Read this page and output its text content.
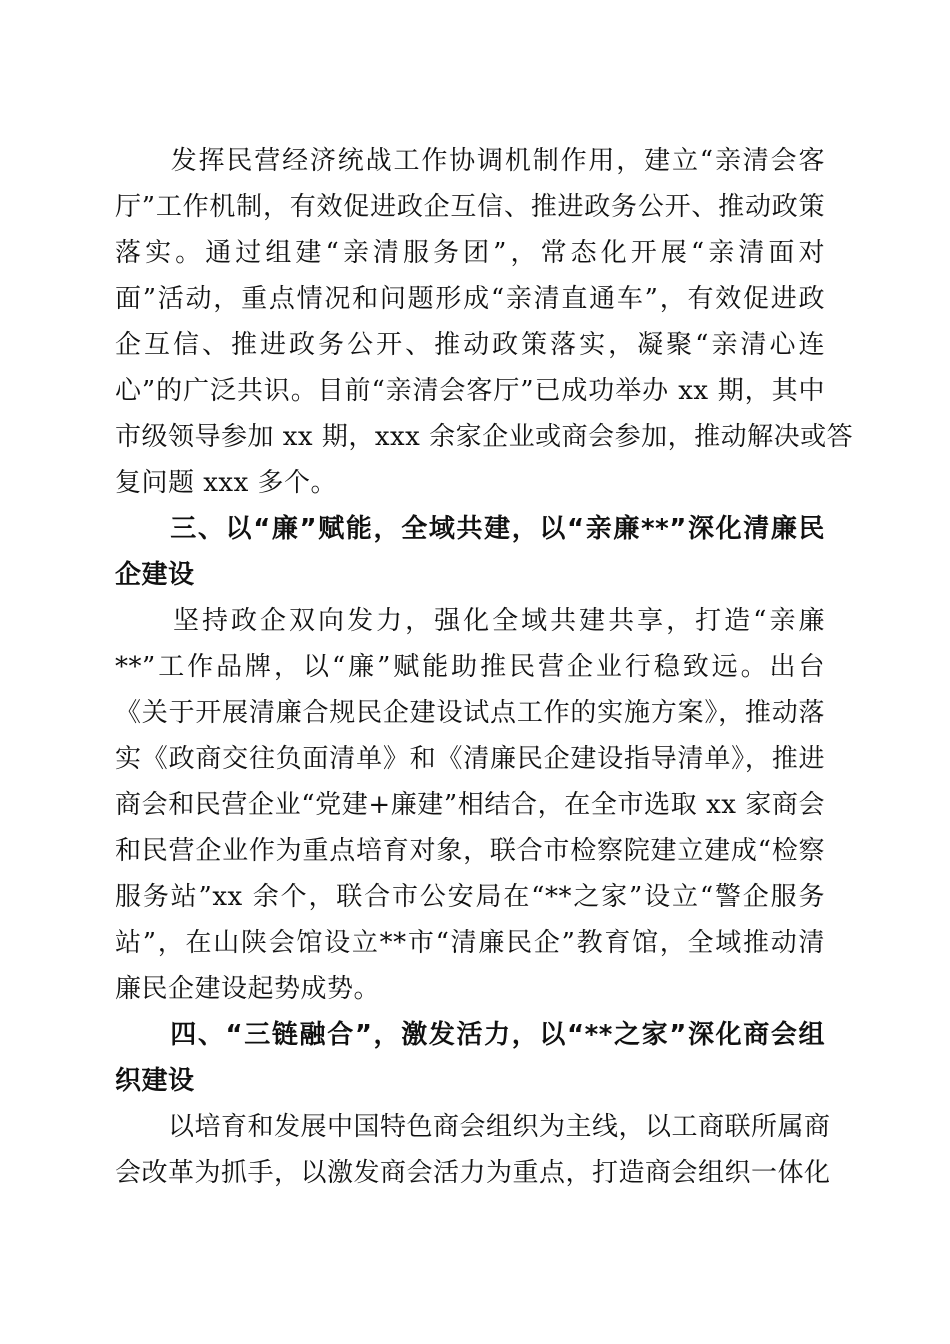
　　发挥民营经济统战工作协调机制作用，建立“亲清会客
厅”工作机制，有效促进政企互信、推进政务公开、推动政策
落实。通过组建“亲清服务团”，常态化开展“亲清面对
面”活动，重点情况和问题形成“亲清直通车”，有效促进政
企互信、推进政务公开、推动政策落实，凝聚“亲清心连
心”的广泛共识。目前“亲清会客厅”已成功举办 xx 期，其中
市级领导参加 xx 期，xxx 余家企业或商会参加，推动解决或答
复问题 xxx 多个。
　　三、以“廉”赋能，全域共建，以“亲廉**”深化清廉民
企建设
　　坚持政企双向发力，强化全域共建共享，打造“亲廉
**”工作品牌，以“廉”赋能助推民营企业行稳致远。出台
《关于开展清廉合规民企建设试点工作的实施方案》，推动落
实《政商交往负面清单》和《清廉民企建设指导清单》，推进
商会和民营企业“党建+廉建”相结合，在全市选取 xx 家商会
和民营企业作为重点培育对象，联合市检察院建立建成“检察
服务站”xx 余个，联合市公安局在“**之家”设立“警企服务
站”，在山陕会馆设立**市“清廉民企”教育馆，全域推动清
廉民企建设起势成势。
　　四、“三链融合”，激发活力，以“**之家”深化商会组
织建设
　　以培育和发展中国特色商会组织为主线，以工商联所属商
会改革为抓手，以激发商会活力为重点，打造商会组织一体化
